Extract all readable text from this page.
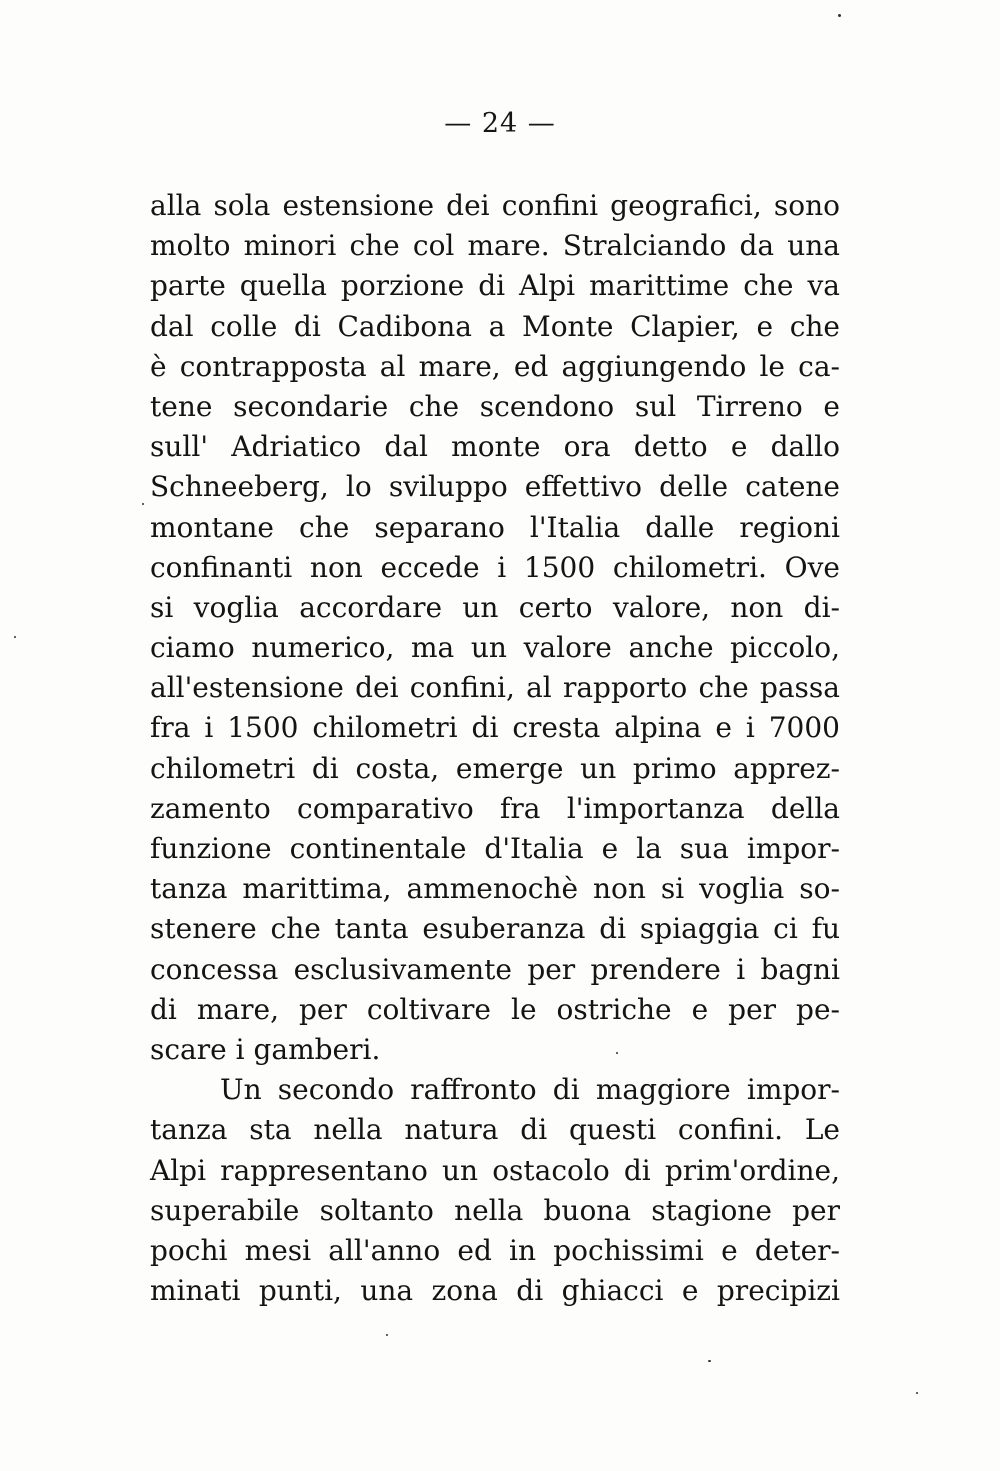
— 24 —
alla sola estensione dei confini geografici, sono
molto minori che col mare. Stralciando da una
parte quella porzione di Alpi marittime che va
dal colle di Cadibona a Monte Clapier, e che
è contrapposta al mare, ed aggiungendo le ca-
tene secondarie che scendono sul Tirreno e
sull' Adriatico dal monte ora detto e dallo
Schneeberg, lo sviluppo effettivo delle catene
montane che separano l'Italia dalle regioni
confinanti non eccede i 1500 chilometri. Ove
si voglia accordare un certo valore, non di-
ciamo numerico, ma un valore anche piccolo,
all'estensione dei confini, al rapporto che passa
fra i 1500 chilometri di cresta alpina e i 7000
chilometri di costa, emerge un primo apprez-
zamento comparativo fra l'importanza della
funzione continentale d'Italia e la sua impor-
tanza marittima, ammenochè non si voglia so-
stenere che tanta esuberanza di spiaggia ci fu
concessa esclusivamente per prendere i bagni
di mare, per coltivare le ostriche e per pe-
scare i gamberi.
Un secondo raffronto di maggiore impor-
tanza sta nella natura di questi confini. Le
Alpi rappresentano un ostacolo di prim'ordine,
superabile soltanto nella buona stagione per
pochi mesi all'anno ed in pochissimi e deter-
minati punti, una zona di ghiacci e precipizi
